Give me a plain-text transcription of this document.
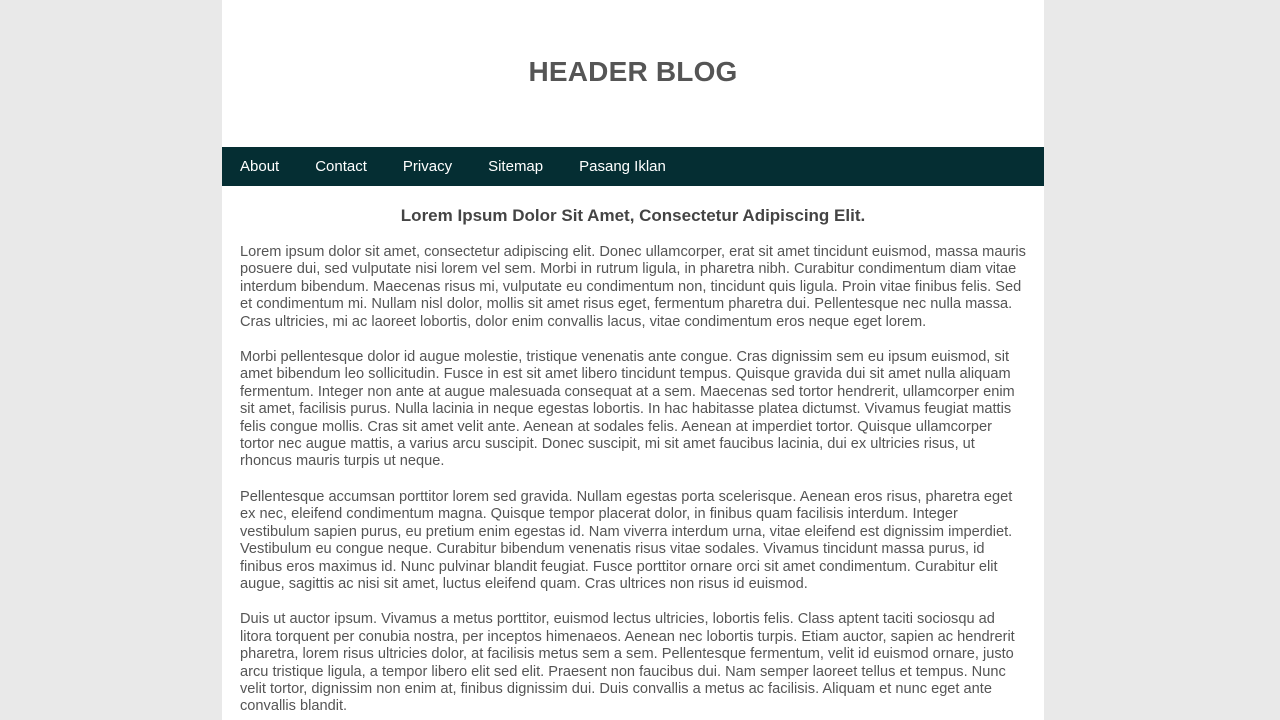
HEADER BLOG
About Contact Privacy Sitemap Pasang Iklan
Lorem Ipsum Dolor Sit Amet, Consectetur Adipiscing Elit.

Lorem ipsum dolor sit amet, consectetur adipiscing elit. Donec ullamcorper, erat sit amet tincidunt euismod, massa mauris posuere dui, sed vulputate nisi lorem vel sem. Morbi in rutrum ligula, in pharetra nibh. Curabitur condimentum diam vitae interdum bibendum. Maecenas risus mi, vulputate eu condimentum non, tincidunt quis ligula. Proin vitae finibus felis. Sed et condimentum mi. Nullam nisl dolor, mollis sit amet risus eget, fermentum pharetra dui. Pellentesque nec nulla massa. Cras ultricies, mi ac laoreet lobortis, dolor enim convallis lacus, vitae condimentum eros neque eget lorem.

Morbi pellentesque dolor id augue molestie, tristique venenatis ante congue. Cras dignissim sem eu ipsum euismod, sit amet bibendum leo sollicitudin. Fusce in est sit amet libero tincidunt tempus. Quisque gravida dui sit amet nulla aliquam fermentum. Integer non ante at augue malesuada consequat at a sem. Maecenas sed tortor hendrerit, ullamcorper enim sit amet, facilisis purus. Nulla lacinia in neque egestas lobortis. In hac habitasse platea dictumst. Vivamus feugiat mattis felis congue mollis. Cras sit amet velit ante. Aenean at sodales felis. Aenean at imperdiet tortor. Quisque ullamcorper tortor nec augue mattis, a varius arcu suscipit. Donec suscipit, mi sit amet faucibus lacinia, dui ex ultricies risus, ut rhoncus mauris turpis ut neque.

Pellentesque accumsan porttitor lorem sed gravida. Nullam egestas porta scelerisque. Aenean eros risus, pharetra eget ex nec, eleifend condimentum magna. Quisque tempor placerat dolor, in finibus quam facilisis interdum. Integer vestibulum sapien purus, eu pretium enim egestas id. Nam viverra interdum urna, vitae eleifend est dignissim imperdiet. Vestibulum eu congue neque. Curabitur bibendum venenatis risus vitae sodales. Vivamus tincidunt massa purus, id finibus eros maximus id. Nunc pulvinar blandit feugiat. Fusce porttitor ornare orci sit amet condimentum. Curabitur elit augue, sagittis ac nisi sit amet, luctus eleifend quam. Cras ultrices non risus id euismod.

Duis ut auctor ipsum. Vivamus a metus porttitor, euismod lectus ultricies, lobortis felis. Class aptent taciti sociosqu ad litora torquent per conubia nostra, per inceptos himenaeos. Aenean nec lobortis turpis. Etiam auctor, sapien ac hendrerit pharetra, lorem risus ultricies dolor, at facilisis metus sem a sem. Pellentesque fermentum, velit id euismod ornare, justo arcu tristique ligula, a tempor libero elit sed elit. Praesent non faucibus dui. Nam semper laoreet tellus et tempus. Nunc velit tortor, dignissim non enim at, finibus dignissim dui. Duis convallis a metus ac facilisis. Aliquam et nunc eget ante convallis blandit.
